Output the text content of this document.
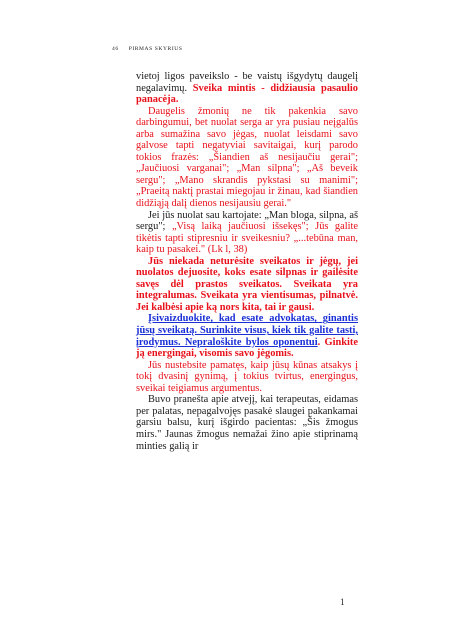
46 PIRMAS SKYRIUS

vietoj ligos paveikslo - be vaistų išgydytų daugelį negalavimų. Sveika mintis - didžiausia pasaulio panacėja.

Daugelis žmonių ne tik pakenkia savo darbingumui, bet nuolat serga ar yra pusiau neįgalūs arba sumažina savo jėgas, nuolat leisdami savo galvose tapti negatyviai savitaigai, kurį parodo tokios frazės: „Šiandien aš nesijaučiu gerai"; „Jaučiuosi varganai"; „Man silpna"; „Aš beveik sergu"; „Mano skrandis pykstasi su manimi"; „Praeitą naktį prastai miegojau ir žinau, kad šiandien didžiąją dalį dienos nesijausiu gerai."

Jei jūs nuolat sau kartojate: „Man bloga, silpna, aš sergu"; „Visą laiką jaučiuosi išsekęs"; Jūs galite tikėtis tapti stipresniu ir sveikesniu? „...tebūna man, kaip tu pasakei." (Lk l, 38)

Jūs niekada neturėsite sveikatos ir jėgų, jei nuolatos dejuosite, koks esate silpnas ir gailėsite savęs dėl prastos sveikatos. Sveikata yra integralumas. Sveikata yra vientisumas, pilnatvė. Jei kalbėsi apie ką nors kita, tai ir gausi.

Įsivaizduokite, kad esate advokatas, ginantis jūsų sveikatą. Surinkite visus, kiek tik galite tasti, įrodymus. Nepraloškite bylos oponentui. Ginkite ją energingai, visomis savo jėgomis.

Jūs nustebsite pamatęs, kaip jūsų kūnas atsakys į tokį dvasinį gynimą, į tokius tvirtus, energingus, sveikai teigiamus argumentus.

Buvo pranešta apie atvejį, kai terapeutas, eidamas per palatas, nepagalvojęs pasakė slaugei pakankamai garsiu balsu, kurį išgirdo pacientas: „Šis žmogus mirs." Jaunas žmogus nemažai žino apie stiprinamą minties galią ir

1
